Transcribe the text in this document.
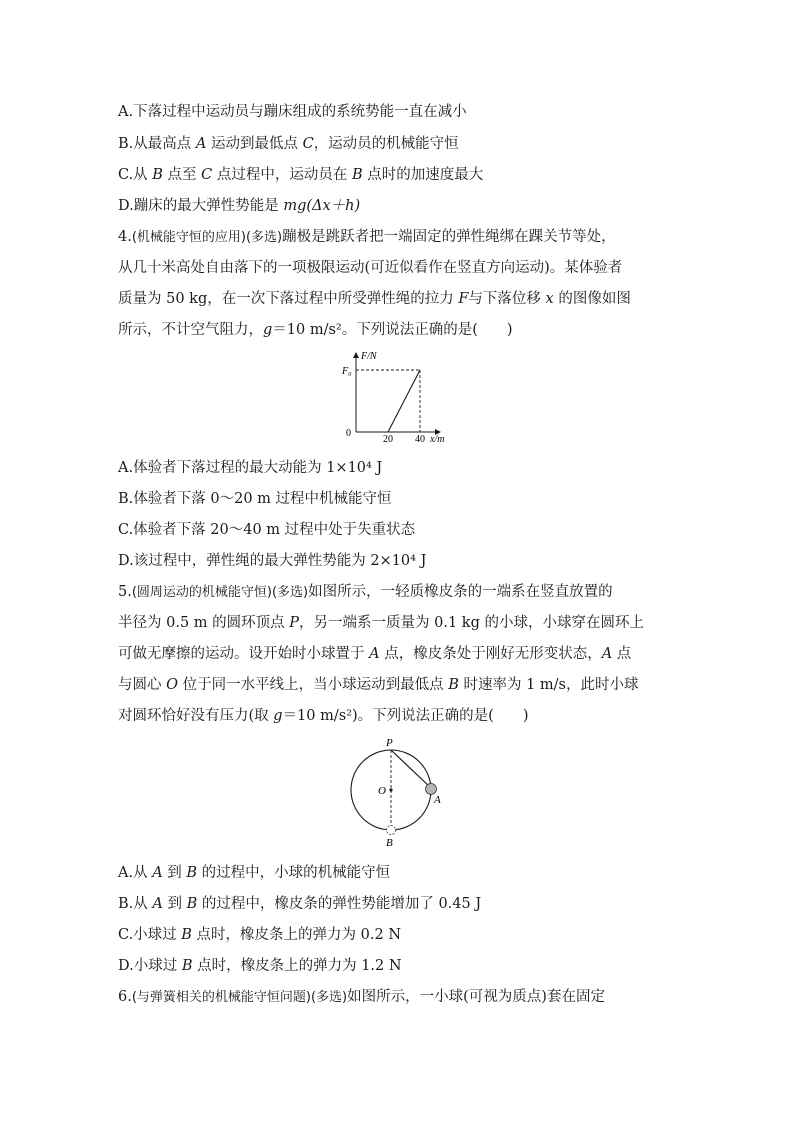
A.下落过程中运动员与蹦床组成的系统势能一直在减小
B.从最高点 A 运动到最低点 C，运动员的机械能守恒
C.从 B 点至 C 点过程中，运动员在 B 点时的加速度最大
D.蹦床的最大弹性势能是 mg(Δx＋h)
4.(机械能守恒的应用)(多选)蹦极是跳跃者把一端固定的弹性绳绑在踝关节等处，
从几十米高处自由落下的一项极限运动(可近似看作在竖直方向运动)。某体验者
质量为 50 kg，在一次下落过程中所受弹性绳的拉力 F与下落位移 x 的图像如图
所示，不计空气阻力，g＝10 m/s²。下列说法正确的是(　　)
F/N
F₀
0
20 40 x/m
A.体验者下落过程的最大动能为 1×10⁴ J
B.体验者下落 0～20 m 过程中机械能守恒
C.体验者下落 20～40 m 过程中处于失重状态
D.该过程中，弹性绳的最大弹性势能为 2×10⁴ J
5.(圆周运动的机械能守恒)(多选)如图所示，一轻质橡皮条的一端系在竖直放置的
半径为 0.5 m 的圆环顶点 P，另一端系一质量为 0.1 kg 的小球，小球穿在圆环上
可做无摩擦的运动。设开始时小球置于 A 点，橡皮条处于刚好无形变状态，A 点
与圆心 O 位于同一水平线上，当小球运动到最低点 B 时速率为 1 m/s，此时小球
对圆环恰好没有压力(取 g＝10 m/s²)。下列说法正确的是(　　)
P
O
A
B
A.从 A 到 B 的过程中，小球的机械能守恒
B.从 A 到 B 的过程中，橡皮条的弹性势能增加了 0.45 J
C.小球过 B 点时，橡皮条上的弹力为 0.2 N
D.小球过 B 点时，橡皮条上的弹力为 1.2 N
6.(与弹簧相关的机械能守恒问题)(多选)如图所示，一小球(可视为质点)套在固定
